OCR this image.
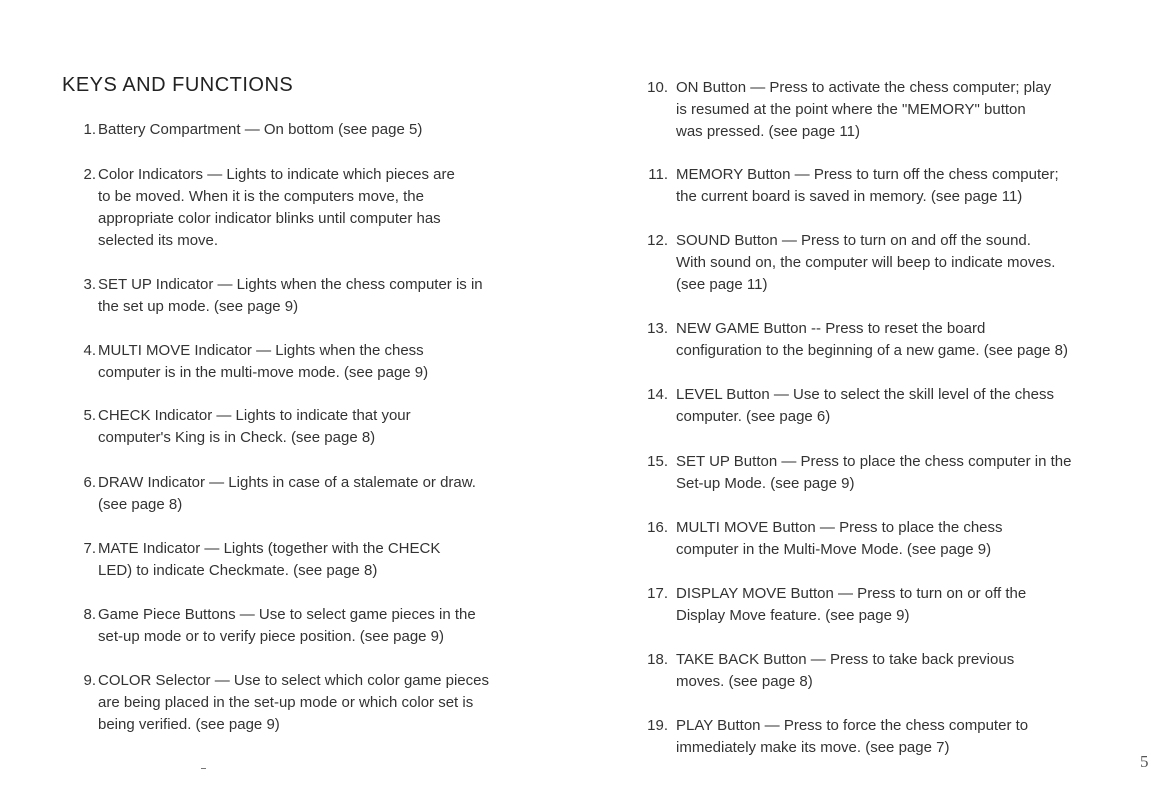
KEYS AND FUNCTIONS
1. Battery Compartment — On bottom (see page 5)
2. Color Indicators — Lights to indicate which pieces are
to be moved. When it is the computers move, the
appropriate color indicator blinks until computer has
selected its move.
3. SET UP Indicator — Lights when the chess computer is in
the set up mode. (see page 9)
4. MULTI MOVE Indicator — Lights when the chess
computer is in the multi-move mode. (see page 9)
5. CHECK Indicator — Lights to indicate that your
computer's King is in Check. (see page 8)
6. DRAW Indicator — Lights in case of a stalemate or draw.
(see page 8)
7. MATE Indicator — Lights (together with the CHECK
LED) to indicate Checkmate. (see page 8)
8. Game Piece Buttons — Use to select game pieces in the
set-up mode or to verify piece position. (see page 9)
9. COLOR Selector — Use to select which color game pieces
are being placed in the set-up mode or which color set is
being verified. (see page 9)
10. ON Button — Press to activate the chess computer; play
is resumed at the point where the "MEMORY" button
was pressed. (see page 11)
11. MEMORY Button — Press to turn off the chess computer;
the current board is saved in memory. (see page 11)
12. SOUND Button — Press to turn on and off the sound.
With sound on, the computer will beep to indicate moves.
(see page 11)
13. NEW GAME Button -- Press to reset the board
configuration to the beginning of a new game. (see page 8)
14. LEVEL Button — Use to select the skill level of the chess
computer. (see page 6)
15. SET UP Button — Press to place the chess computer in the
Set-up Mode. (see page 9)
16. MULTI MOVE Button — Press to place the chess
computer in the Multi-Move Mode. (see page 9)
17. DISPLAY MOVE Button — Press to turn on or off the
Display Move feature. (see page 9)
18. TAKE BACK Button — Press to take back previous
moves. (see page 8)
19. PLAY Button — Press to force the chess computer to
immediately make its move. (see page 7)
5
